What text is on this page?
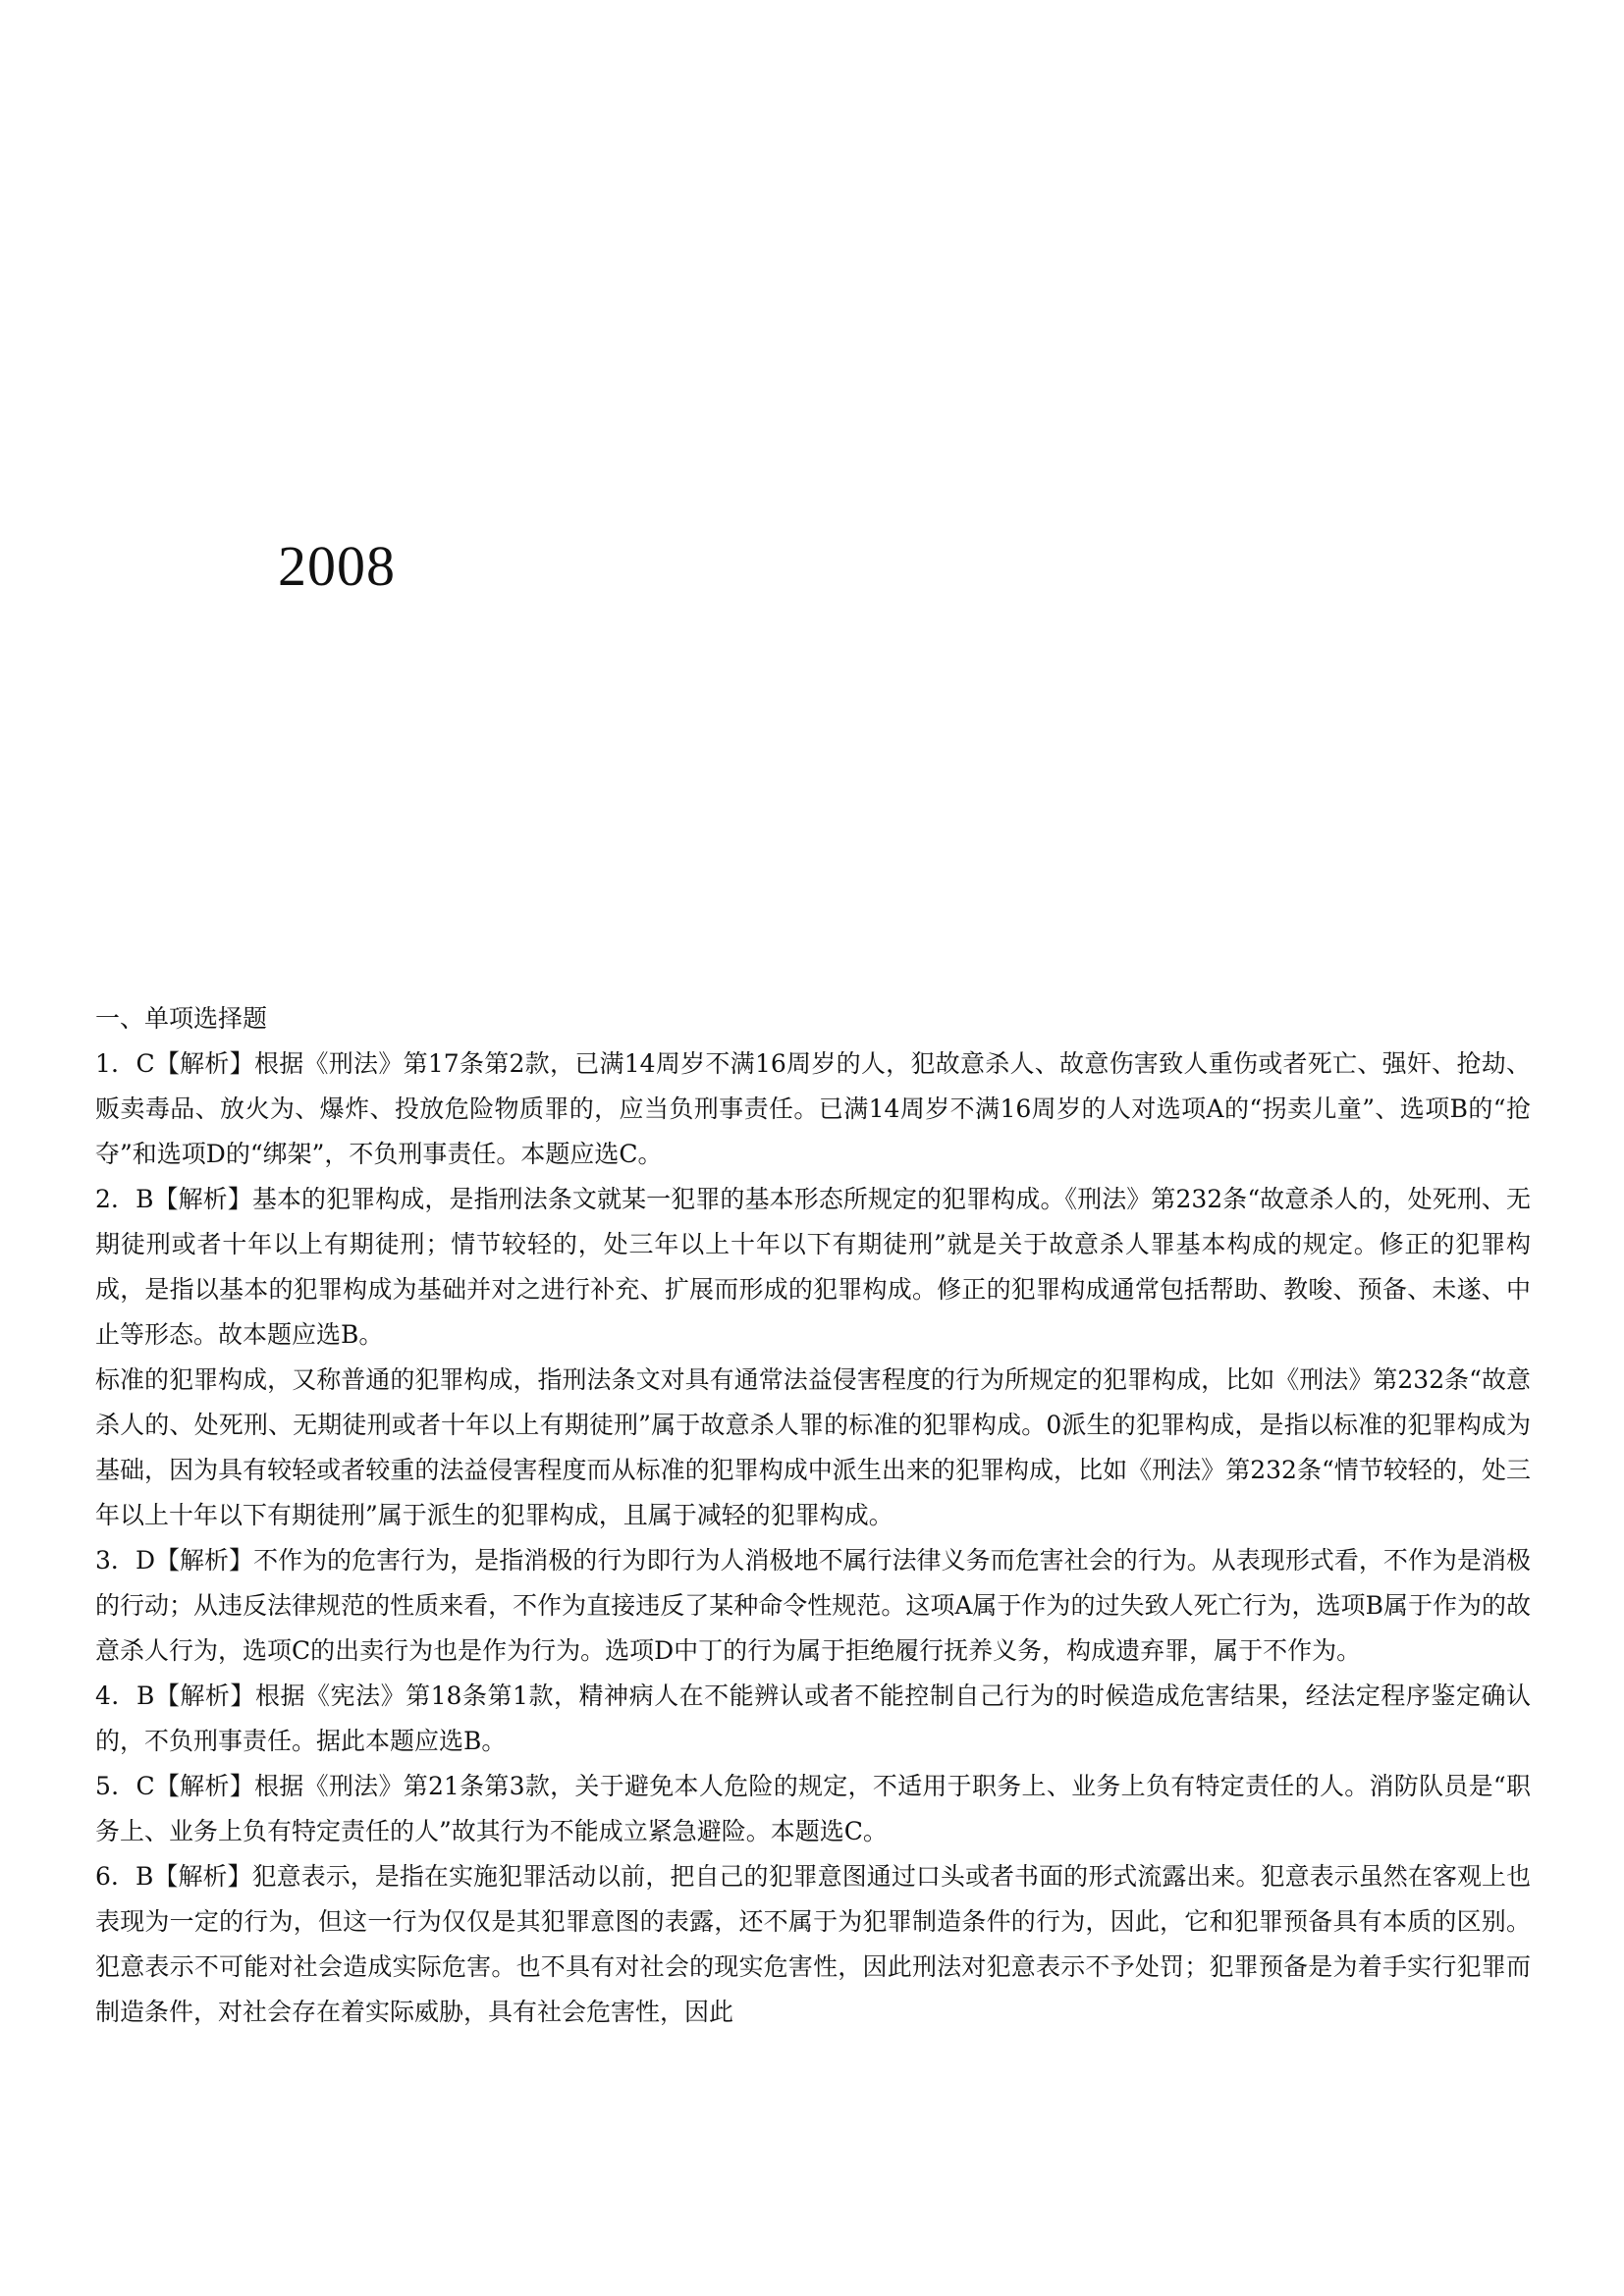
2008
一、单项选择题

1．C【解析】根据《刑法》第17条第2款，已满14周岁不满16周岁的人，犯故意杀人、故意伤害致人重伤或者死亡、强奸、抢劫、贩卖毒品、放火为、爆炸、投放危险物质罪的，应当负刑事责任。已满14周岁不满16周岁的人对选项A的“拐卖儿童”、选项B的“抢夺”和选项D的“绑架”，不负刑事责任。本题应选C。

2．B【解析】基本的犯罪构成，是指刑法条文就某一犯罪的基本形态所规定的犯罪构成。《刑法》第232条“故意杀人的，处死刑、无期徒刑或者十年以上有期徒刑；情节较轻的，处三年以上十年以下有期徒刑”就是关于故意杀人罪基本构成的规定。修正的犯罪构成，是指以基本的犯罪构成为基础并对之进行补充、扩展而形成的犯罪构成。修正的犯罪构成通常包括帮助、教唆、预备、未遂、中止等形态。故本题应选B。

标准的犯罪构成，又称普通的犯罪构成，指刑法条文对具有通常法益侵害程度的行为所规定的犯罪构成，比如《刑法》第232条“故意杀人的、处死刑、无期徒刑或者十年以上有期徒刑”属于故意杀人罪的标准的犯罪构成。0派生的犯罪构成，是指以标准的犯罪构成为基础，因为具有较轻或者较重的法益侵害程度而从标准的犯罪构成中派生出来的犯罪构成，比如《刑法》第232条“情节较轻的，处三年以上十年以下有期徒刑”属于派生的犯罪构成，且属于减轻的犯罪构成。

3．D【解析】不作为的危害行为，是指消极的行为即行为人消极地不属行法律义务而危害社会的行为。从表现形式看，不作为是消极的行动；从违反法律规范的性质来看，不作为直接违反了某种命令性规范。这项A属于作为的过失致人死亡行为，选项B属于作为的故意杀人行为，选项C的出卖行为也是作为行为。选项D中丁的行为属于拒绝履行抚养义务，构成遗弃罪，属于不作为。

4．B【解析】根据《宪法》第18条第1款，精神病人在不能辨认或者不能控制自己行为的时候造成危害结果，经法定程序鉴定确认的，不负刑事责任。据此本题应选B。

5．C【解析】根据《刑法》第21条第3款，关于避免本人危险的规定，不适用于职务上、业务上负有特定责任的人。消防队员是“职务上、业务上负有特定责任的人”故其行为不能成立紧急避险。本题选C。

6．B【解析】犯意表示，是指在实施犯罪活动以前，把自己的犯罪意图通过口头或者书面的形式流露出来。犯意表示虽然在客观上也表现为一定的行为，但这一行为仅仅是其犯罪意图的表露，还不属于为犯罪制造条件的行为，因此，它和犯罪预备具有本质的区别。犯意表示不可能对社会造成实际危害。也不具有对社会的现实危害性，因此刑法对犯意表示不予处罚；犯罪预备是为着手实行犯罪而制造条件，对社会存在着实际威胁，具有社会危害性，因此
